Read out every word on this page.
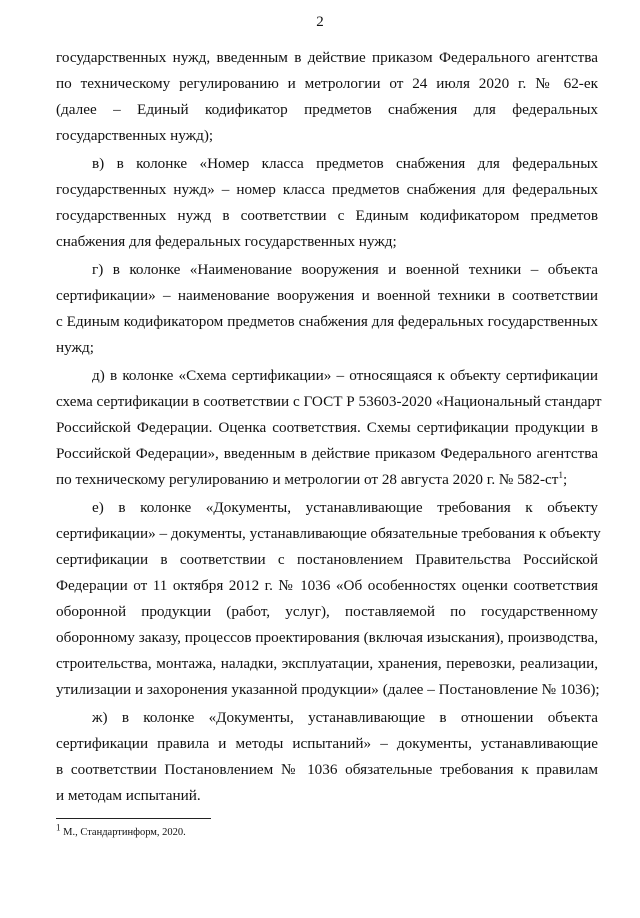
2
государственных нужд, введенным в действие приказом Федерального агентства
по техническому регулированию и метрологии от 24 июля 2020 г. № 62-ек
(далее – Единый кодификатор предметов снабжения для федеральных
государственных нужд);
в) в колонке «Номер класса предметов снабжения для федеральных
государственных нужд» – номер класса предметов снабжения для федеральных
государственных нужд в соответствии с Единым кодификатором предметов
снабжения для федеральных государственных нужд;
г) в колонке «Наименование вооружения и военной техники – объекта
сертификации» – наименование вооружения и военной техники в соответствии
с Единым кодификатором предметов снабжения для федеральных государственных
нужд;
д) в колонке «Схема сертификации» – относящаяся к объекту сертификации
схема сертификации в соответствии с ГОСТ Р 53603-2020 «Национальный стандарт
Российской Федерации. Оценка соответствия. Схемы сертификации продукции в
Российской Федерации», введенным в действие приказом Федерального агентства
по техническому регулированию и метрологии от 28 августа 2020 г. № $582-ст^1$;
е) в колонке «Документы, устанавливающие требования к объекту
сертификации» – документы, устанавливающие обязательные требования к объекту
сертификации в соответствии с постановлением Правительства Российской
Федерации от 11 октября 2012 г. № 1036 «Об особенностях оценки соответствия
оборонной продукции (работ, услуг), поставляемой по государственному
оборонному заказу, процессов проектирования (включая изыскания), производства,
строительства, монтажа, наладки, эксплуатации, хранения, перевозки, реализации,
утилизации и захоронения указанной продукции» (далее – Постановление № 1036);
ж) в колонке «Документы, устанавливающие в отношении объекта
сертификации правила и методы испытаний» – документы, устанавливающие
в соответствии Постановлением № 1036 обязательные требования к правилам
и методам испытаний.
$^1$ М., Стандартинформ, 2020.
